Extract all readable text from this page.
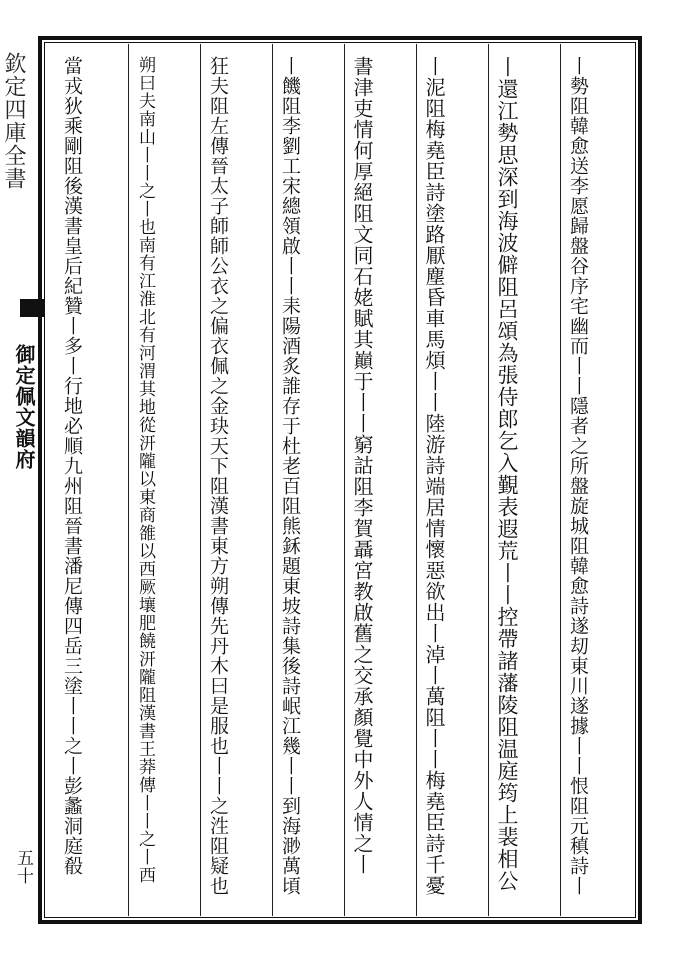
欽定四庫全書
御定佩文韻府
五十	丨勢阻韓愈送李愿歸盤谷序宅幽而丨丨隱者之所盤旋城阻韓愈詩遂刧東川遂據丨丨恨阻元稹詩丨
丨還江勢思深到海波僻阻呂頌為張侍郎乞入覲表遐荒丨丨控帶諸藩陵阻温庭筠上裴相公
丨泥阻梅堯臣詩塗路厭塵昏車馬煩丨丨陸游詩端居情懷惡欲出丨淖丨萬阻丨丨梅堯臣詩千憂
書津吏情何厚絕阻文同石姥賦其巔于丨丨窮詁阻李賀聶宮教啟舊之交承顏覺中外人情之丨
丨饑阻李劉工宋總領啟丨丨耒陽酒炙誰存于杜老百阻熊鉌題東坡詩集後詩岷江幾丨丨到海渺萬頃
狂夫阻左傳晉太子師師公衣之偏衣佩之金玦天下阻漢書東方朔傳先丹木曰是服也丨丨之泩阻疑也
朔曰夫南山丨丨之丨也南有江淮北有河渭其地從汧隴以東商雒以西厥壤肥饒汧隴阻漢書王莽傳丨丨之丨西
當戎狄乘剛阻後漢書皇后紀贊丨多丨行地必順九州阻晉書潘尼傳四岳三塗丨丨之丨彭蠡洞庭殽
